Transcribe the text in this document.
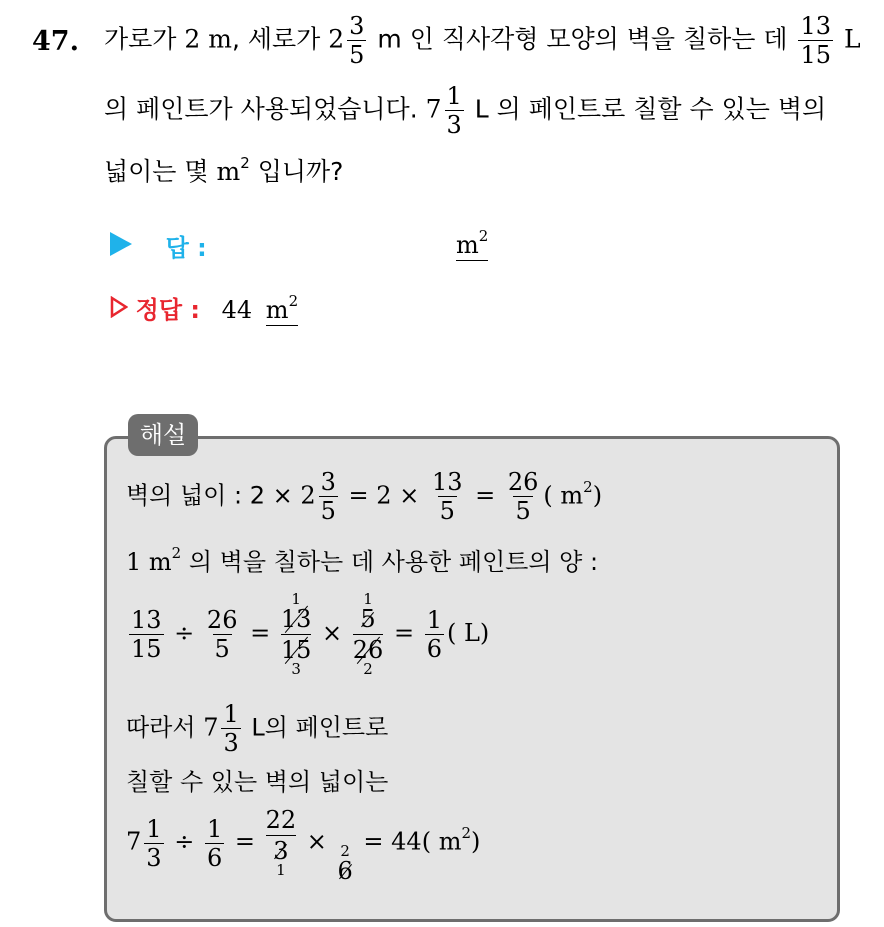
47. 가로가 2 m, 세로가 $2 \frac{3}{5}$ m 인 직사각형 모양의 벽을 칠하는 데 $\frac{13}{15}$ L
의 페인트가 사용되었습니다. $7 \frac{1}{3}$ L 의 페인트로 칠할 수 있는 벽의
넓이는 몇 $m^2$ 입니까?
답 :	$m^2$
정답 : 44 $m^2$
해설
벽의 넓이 : $2 \times 2 \frac{3}{5} = 2 \times \frac{13}{5} = \frac{26}{5}$ ( $m^2$)
1 $m^2$ 의 벽을 칠하는 데 사용한 페인트의 양 :
$\frac{13}{15} \div \frac{26}{5}$ =
1
13
15
3
×
1
5
26
2
= $\frac{1}{6}$ ( L)
따라서 $7 \frac{1}{3}$ L의 페인트로
칠할 수 있는 벽의 넓이는
$7 \frac{1}{3} \div \frac{1}{6}$ =
22
3
1
× 2
6
= 44( $m^2$)
